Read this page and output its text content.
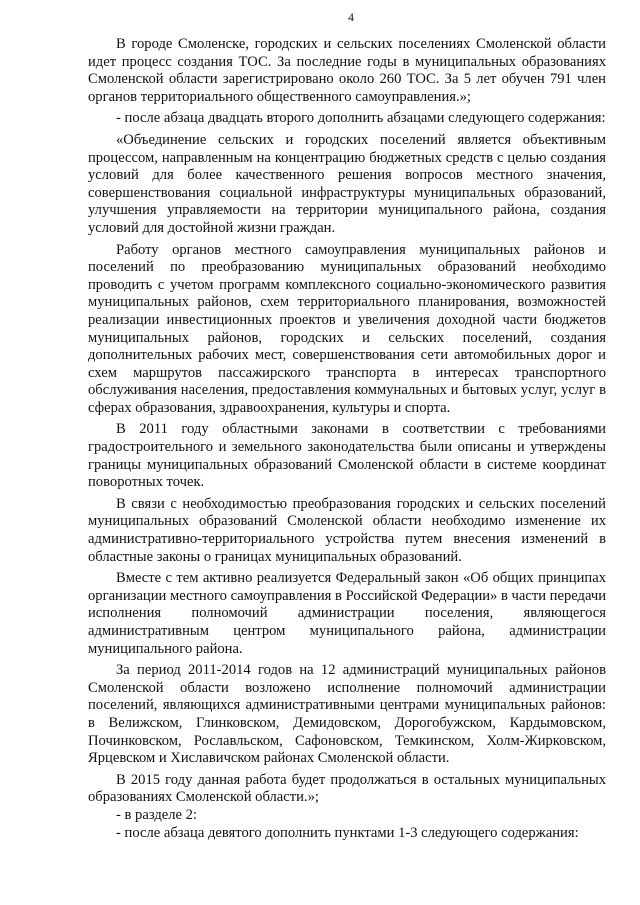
4

В городе Смоленске, городских и сельских поселениях Смоленской области идет процесс создания ТОС. За последние годы в муниципальных образованиях Смоленской области зарегистрировано около 260 ТОС. За 5 лет обучен 791 член органов территориального общественного самоуправления.»;

- после абзаца двадцать второго дополнить абзацами следующего содержания:

«Объединение сельских и городских поселений является объективным процессом, направленным на концентрацию бюджетных средств с целью создания условий для более качественного решения вопросов местного значения, совершенствования социальной инфраструктуры муниципальных образований, улучшения управляемости на территории муниципального района, создания условий для достойной жизни граждан.

Работу органов местного самоуправления муниципальных районов и поселений по преобразованию муниципальных образований необходимо проводить с учетом программ комплексного социально-экономического развития муниципальных районов, схем территориального планирования, возможностей реализации инвестиционных проектов и увеличения доходной части бюджетов муниципальных районов, городских и сельских поселений, создания дополнительных рабочих мест, совершенствования сети автомобильных дорог и схем маршрутов пассажирского транспорта в интересах транспортного обслуживания населения, предоставления коммунальных и бытовых услуг, услуг в сферах образования, здравоохранения, культуры и спорта.

В 2011 году областными законами в соответствии с требованиями градостроительного и земельного законодательства были описаны и утверждены границы муниципальных образований Смоленской области в системе координат поворотных точек.

В связи с необходимостью преобразования городских и сельских поселений муниципальных образований Смоленской области необходимо изменение их административно-территориального устройства путем внесения изменений в областные законы о границах муниципальных образований.

Вместе с тем активно реализуется Федеральный закон «Об общих принципах организации местного самоуправления в Российской Федерации» в части передачи исполнения полномочий администрации поселения, являющегося административным центром муниципального района, администрации муниципального района.

За период 2011-2014 годов на 12 администраций муниципальных районов Смоленской области возложено исполнение полномочий администрации поселений, являющихся административными центрами муниципальных районов: в Велижском, Глинковском, Демидовском, Дорогобужском, Кардымовском, Починковском, Рославльском, Сафоновском, Темкинском, Холм-Жирковском, Ярцевском и Хиславичском районах Смоленской области.

В 2015 году данная работа будет продолжаться в остальных муниципальных образованиях Смоленской области.»;

- в разделе 2:

- после абзаца девятого дополнить пунктами 1-3 следующего содержания:
